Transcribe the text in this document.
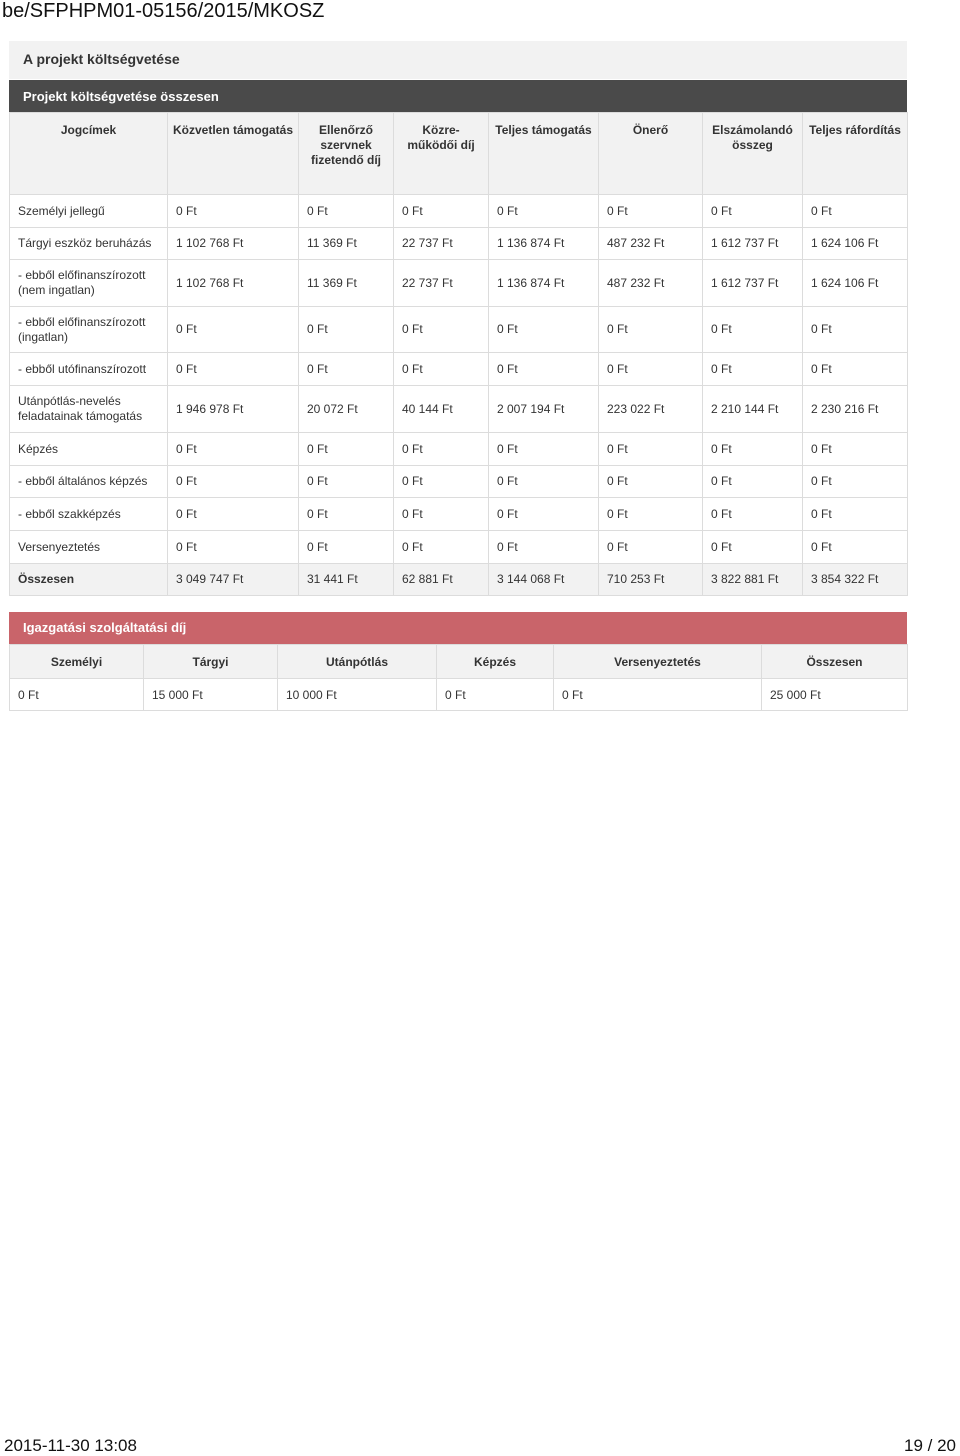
be/SFPHPM01-05156/2015/MKOSZ
A projekt költségvetése
Projekt költségvetése összesen
Jogcímek	Közvetlen támogatás	Ellenőrző szervnek fizetendő díj	Közre-működői díj	Teljes támogatás	Önerő	Elszámolandó összeg	Teljes ráfordítás
Személyi jellegű	0 Ft	0 Ft	0 Ft	0 Ft	0 Ft	0 Ft	0 Ft
Tárgyi eszköz beruházás	1 102 768 Ft	11 369 Ft	22 737 Ft	1 136 874 Ft	487 232 Ft	1 612 737 Ft	1 624 106 Ft
- ebből előfinanszírozott (nem ingatlan)	1 102 768 Ft	11 369 Ft	22 737 Ft	1 136 874 Ft	487 232 Ft	1 612 737 Ft	1 624 106 Ft
- ebből előfinanszírozott (ingatlan)	0 Ft	0 Ft	0 Ft	0 Ft	0 Ft	0 Ft	0 Ft
- ebből utófinanszírozott	0 Ft	0 Ft	0 Ft	0 Ft	0 Ft	0 Ft	0 Ft
Utánpótlás-nevelés feladatainak támogatás	1 946 978 Ft	20 072 Ft	40 144 Ft	2 007 194 Ft	223 022 Ft	2 210 144 Ft	2 230 216 Ft
Képzés	0 Ft	0 Ft	0 Ft	0 Ft	0 Ft	0 Ft	0 Ft
- ebből általános képzés	0 Ft	0 Ft	0 Ft	0 Ft	0 Ft	0 Ft	0 Ft
- ebből szakképzés	0 Ft	0 Ft	0 Ft	0 Ft	0 Ft	0 Ft	0 Ft
Versenyeztetés	0 Ft	0 Ft	0 Ft	0 Ft	0 Ft	0 Ft	0 Ft
Összesen	3 049 747 Ft	31 441 Ft	62 881 Ft	3 144 068 Ft	710 253 Ft	3 822 881 Ft	3 854 322 Ft
Igazgatási szolgáltatási díj
Személyi	Tárgyi	Utánpótlás	Képzés	Versenyeztetés	Összesen
0 Ft	15 000 Ft	10 000 Ft	0 Ft	0 Ft	25 000 Ft
2015-11-30 13:08	19 / 20
